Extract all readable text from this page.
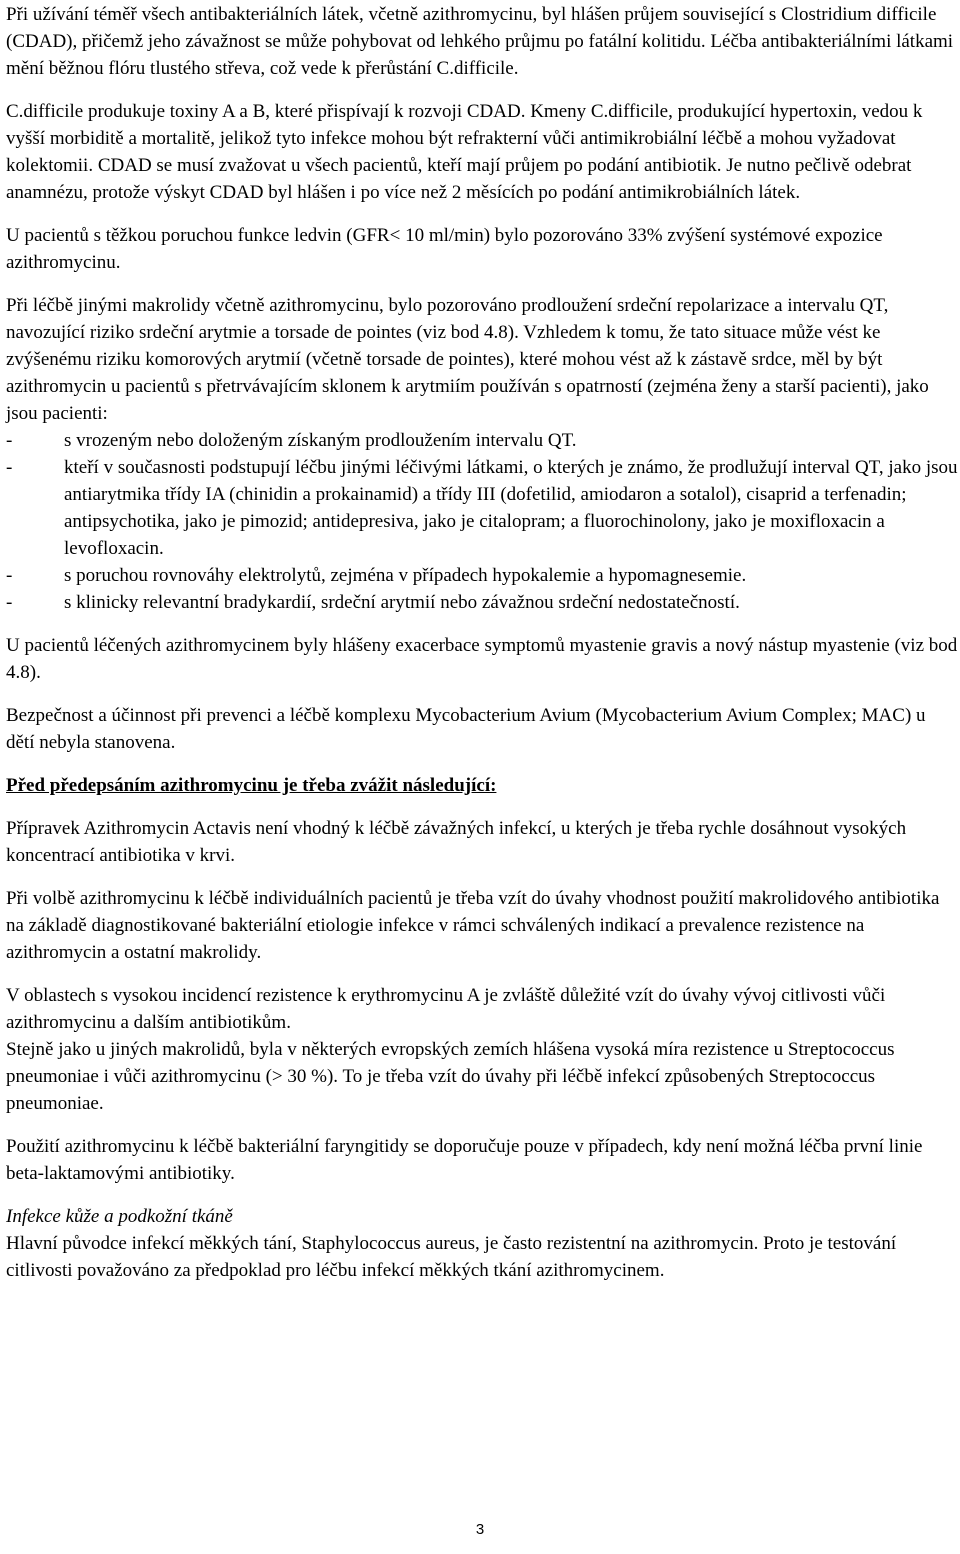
Při užívání téměř všech antibakteriálních látek, včetně azithromycinu, byl hlášen průjem související s Clostridium difficile (CDAD), přičemž jeho závažnost se může pohybovat od lehkého průjmu po fatální kolitidu. Léčba antibakteriálními látkami mění běžnou flóru tlustého střeva, což vede k přerůstání C.difficile.

C.difficile produkuje toxiny A a B, které přispívají k rozvoji CDAD. Kmeny C.difficile, produkující hypertoxin, vedou k vyšší morbiditě a mortalitě, jelikož tyto infekce mohou být refrakterní vůči antimikrobiální léčbě a mohou vyžadovat kolektomii. CDAD se musí zvažovat u všech pacientů, kteří mají průjem po podání antibiotik. Je nutno pečlivě odebrat anamnézu, protože výskyt CDAD byl hlášen i po více než 2 měsících po podání antimikrobiálních látek.

U pacientů s těžkou poruchou funkce ledvin (GFR< 10 ml/min) bylo pozorováno 33% zvýšení systémové expozice azithromycinu.

Při léčbě jinými makrolidy včetně azithromycinu, bylo pozorováno prodloužení srdeční repolarizace a intervalu QT, navozující riziko srdeční arytmie a torsade de pointes (viz bod 4.8). Vzhledem k tomu, že tato situace může vést ke zvýšenému riziku komorových arytmií (včetně torsade de pointes), které mohou vést až k zástavě srdce, měl by být azithromycin u pacientů s přetrvávajícím sklonem k arytmiím používán s opatrností (zejména ženy a starší pacienti), jako jsou pacienti:

-	s vrozeným nebo doloženým získaným prodloužením intervalu QT.
-	kteří v současnosti podstupují léčbu jinými léčivými látkami, o kterých je známo, že prodlužují interval QT, jako jsou antiarytmika třídy IA (chinidin a prokainamid) a třídy III (dofetilid, amiodaron a sotalol), cisaprid a terfenadin; antipsychotika, jako je pimozid; antidepresiva, jako je citalopram; a fluorochinolony, jako je moxifloxacin a levofloxacin.
-	s poruchou rovnováhy elektrolytů, zejména v případech hypokalemie a hypomagnesemie.
-	s klinicky relevantní bradykardií, srdeční arytmií nebo závažnou srdeční nedostatečností.

U pacientů léčených azithromycinem byly hlášeny exacerbace symptomů myastenie gravis a nový nástup myastenie (viz bod 4.8).

Bezpečnost a účinnost při prevenci a léčbě komplexu Mycobacterium Avium (Mycobacterium Avium Complex; MAC) u dětí nebyla stanovena.

Před předepsáním azithromycinu je třeba zvážit následující:

Přípravek Azithromycin Actavis není vhodný k léčbě závažných infekcí, u kterých je třeba rychle dosáhnout vysokých koncentrací antibiotika v krvi.

Při volbě azithromycinu k léčbě individuálních pacientů je třeba vzít do úvahy vhodnost použití makrolidového antibiotika na základě diagnostikované bakteriální etiologie infekce v rámci schválených indikací a prevalence rezistence na azithromycin a ostatní makrolidy.

V oblastech s vysokou incidencí rezistence k erythromycinu A je zvláště důležité vzít do úvahy vývoj citlivosti vůči azithromycinu a dalším antibiotikům.

Stejně jako u jiných makrolidů, byla v některých evropských zemích hlášena vysoká míra rezistence u Streptococcus pneumoniae i vůči azithromycinu (> 30 %). To je třeba vzít do úvahy při léčbě infekcí způsobených Streptococcus pneumoniae.

Použití azithromycinu k léčbě bakteriální faryngitidy se doporučuje pouze v případech, kdy není možná léčba první linie beta-laktamovými antibiotiky.

Infekce kůže a podkožní tkáně

Hlavní původce infekcí měkkých tání, Staphylococcus aureus, je často rezistentní na azithromycin. Proto je testování citlivosti považováno za předpoklad pro léčbu infekcí měkkých tkání azithromycinem.

3
